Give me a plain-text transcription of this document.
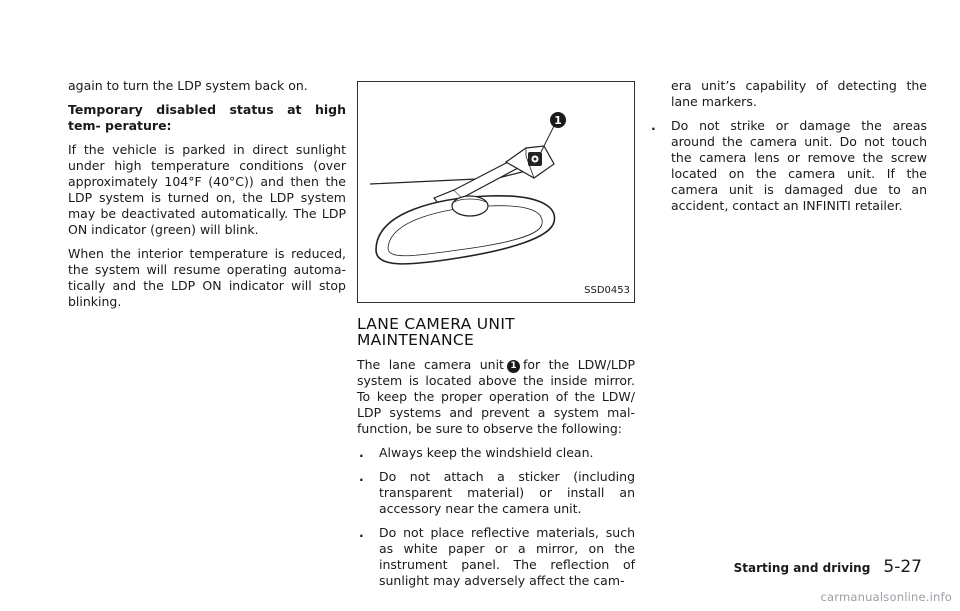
again to turn the LDP system back on.

Temporary disabled status at high tem- perature:

If the vehicle is parked in direct sunlight under high temperature conditions (over approximately 104°F (40°C)) and then the LDP system is turned on, the LDP system may be deactivated automatically. The LDP ON indicator (green) will blink.

When the interior temperature is reduced, the system will resume operating automa- tically and the LDP ON indicator will stop blinking.

1
SSD0453
LANE CAMERA UNIT MAINTENANCE

The lane camera unit 1 for the LDW/LDP system is located above the inside mirror. To keep the proper operation of the LDW/ LDP systems and prevent a system mal- function, be sure to observe the following:

. Always keep the windshield clean.
. Do not attach a sticker (including transparent material) or install an accessory near the camera unit.
. Do not place reflective materials, such as white paper or a mirror, on the instrument panel. The reflection of sunlight may adversely affect the cam-

era unit’s capability of detecting the lane markers.

. Do not strike or damage the areas around the camera unit. Do not touch the camera lens or remove the screw located on the camera unit. If the camera unit is damaged due to an accident, contact an INFINITI retailer.
Starting and driving 5-27
carmanualsonline.info
